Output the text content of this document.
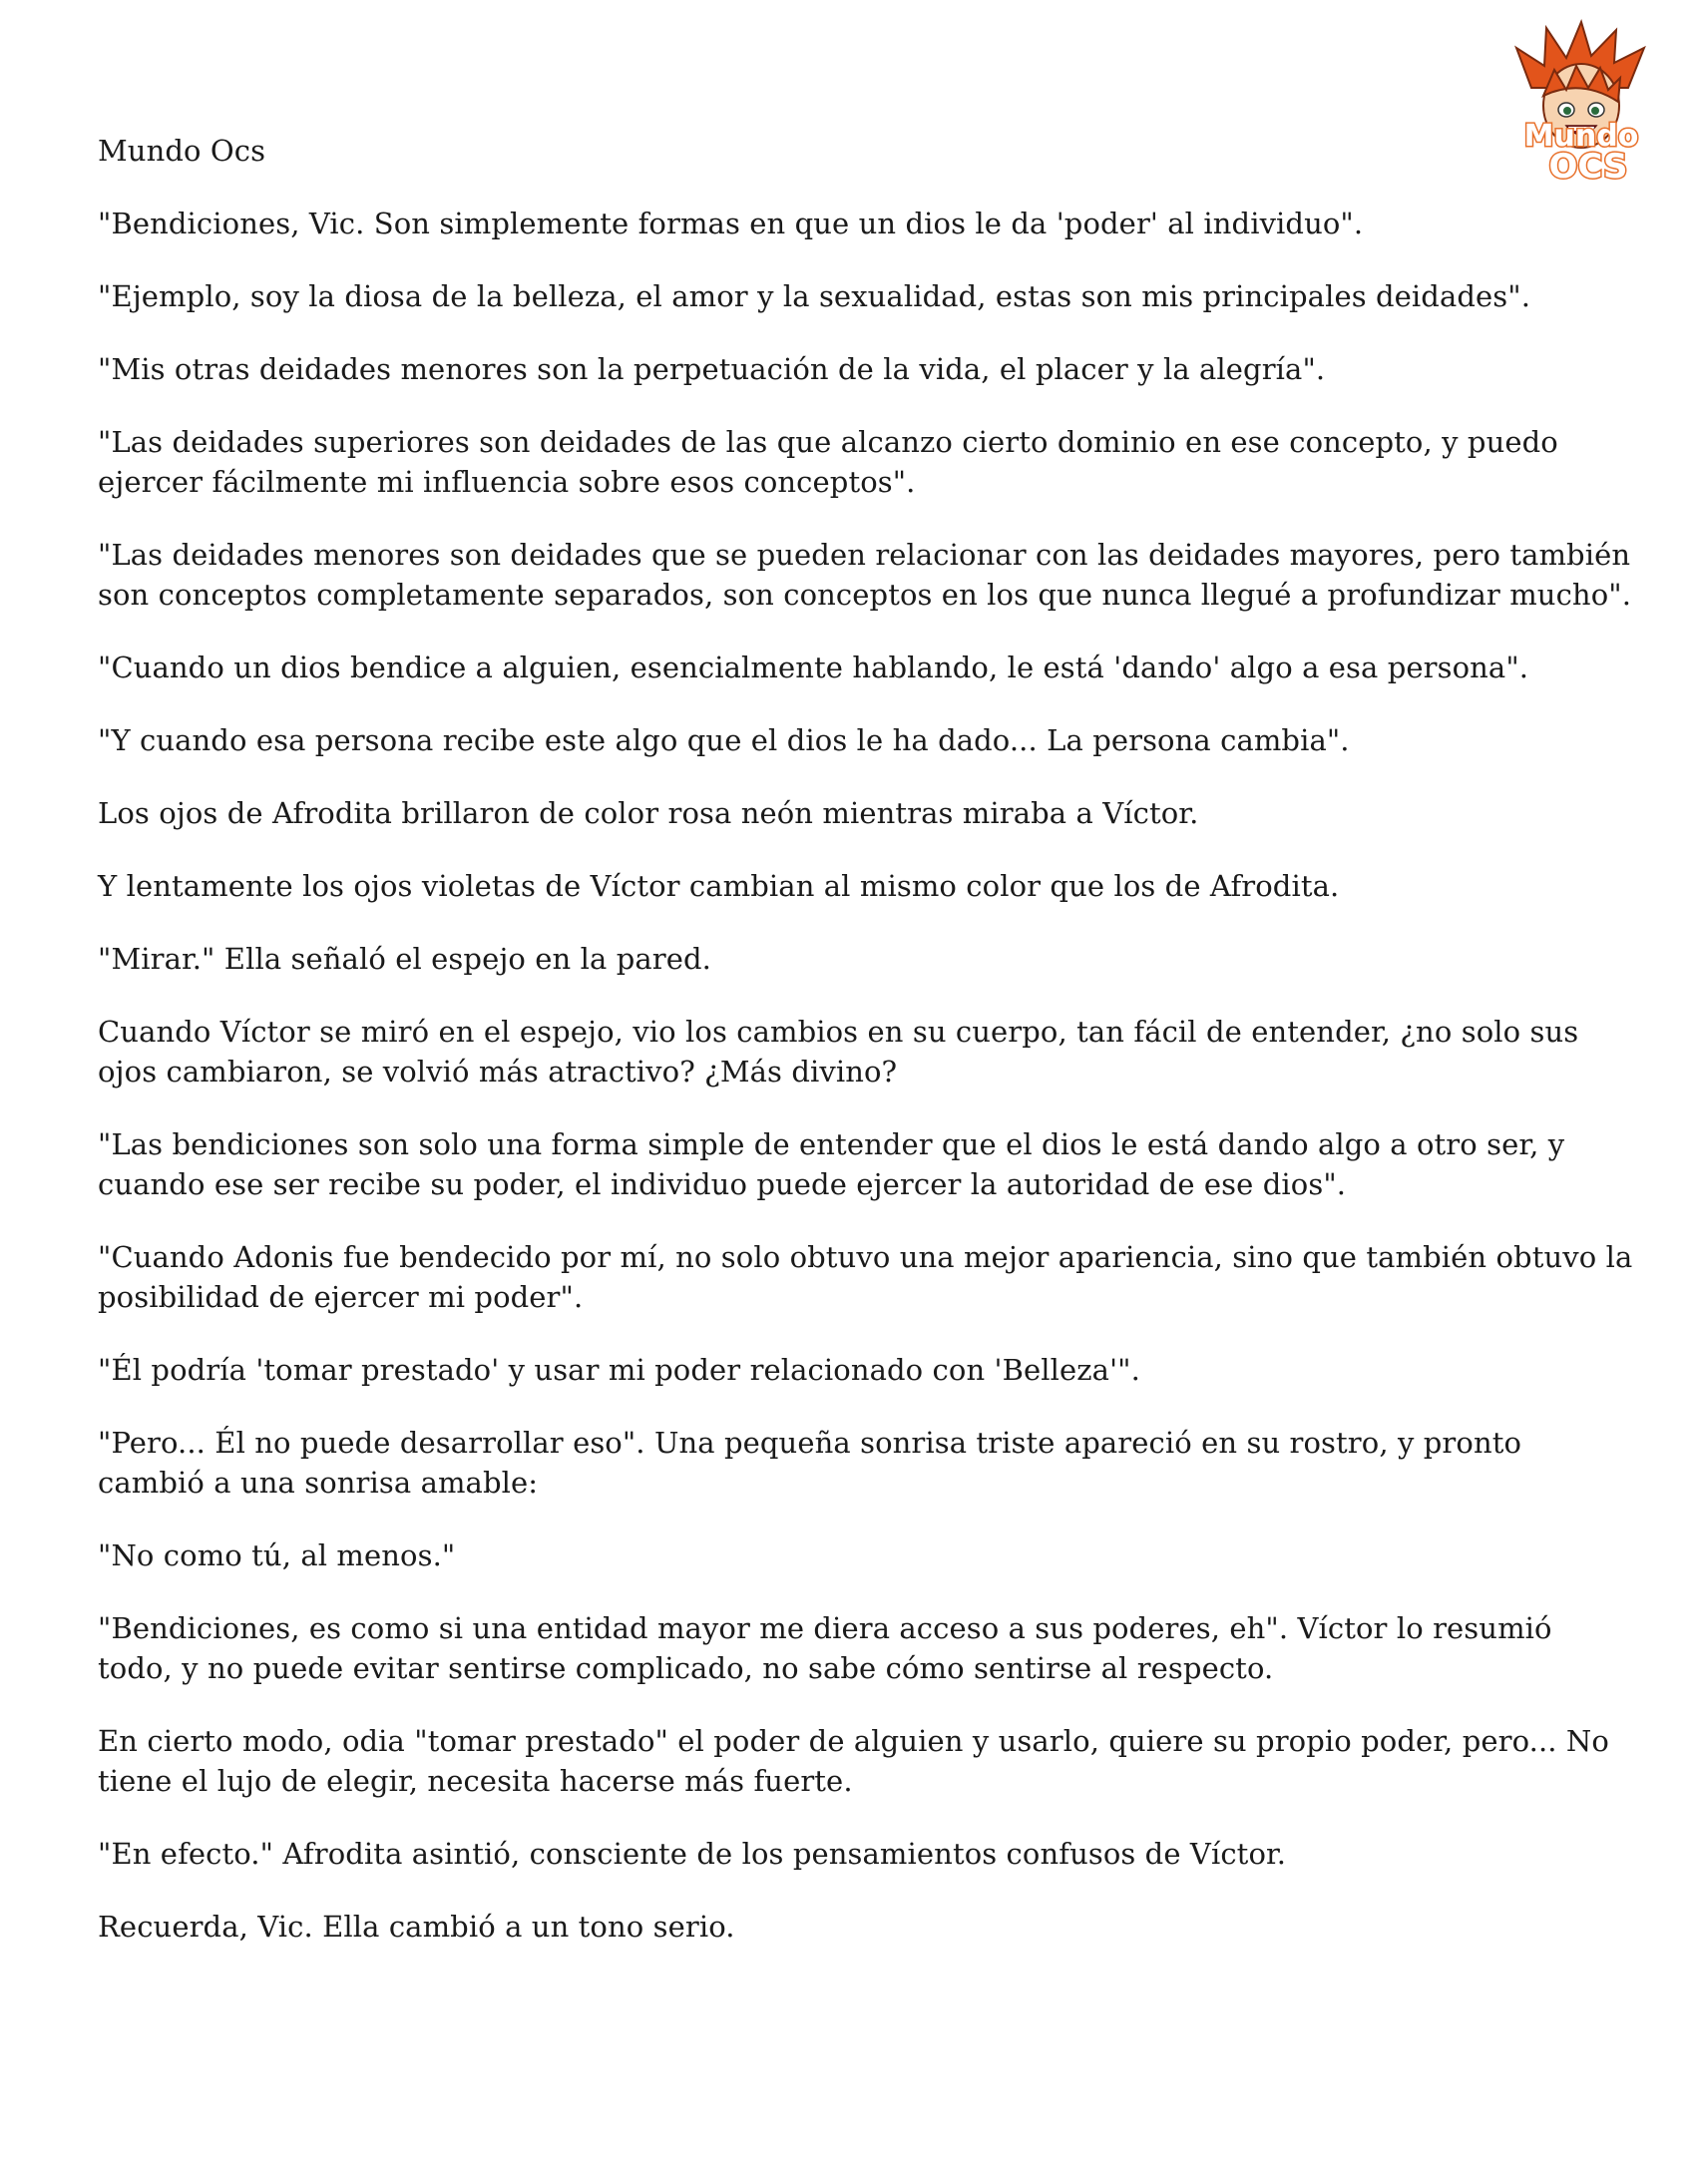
Mundo
OCS

Mundo Ocs

"Bendiciones, Vic. Son simplemente formas en que un dios le da 'poder' al individuo".

"Ejemplo, soy la diosa de la belleza, el amor y la sexualidad, estas son mis principales deidades".

"Mis otras deidades menores son la perpetuación de la vida, el placer y la alegría".

"Las deidades superiores son deidades de las que alcanzo cierto dominio en ese concepto, y puedo ejercer fácilmente mi influencia sobre esos conceptos".

"Las deidades menores son deidades que se pueden relacionar con las deidades mayores, pero también son conceptos completamente separados, son conceptos en los que nunca llegué a profundizar mucho".

"Cuando un dios bendice a alguien, esencialmente hablando, le está 'dando' algo a esa persona".

"Y cuando esa persona recibe este algo que el dios le ha dado... La persona cambia".

Los ojos de Afrodita brillaron de color rosa neón mientras miraba a Víctor.

Y lentamente los ojos violetas de Víctor cambian al mismo color que los de Afrodita.

"Mirar." Ella señaló el espejo en la pared.

Cuando Víctor se miró en el espejo, vio los cambios en su cuerpo, tan fácil de entender, ¿no solo sus ojos cambiaron, se volvió más atractivo? ¿Más divino?

"Las bendiciones son solo una forma simple de entender que el dios le está dando algo a otro ser, y cuando ese ser recibe su poder, el individuo puede ejercer la autoridad de ese dios".

"Cuando Adonis fue bendecido por mí, no solo obtuvo una mejor apariencia, sino que también obtuvo la posibilidad de ejercer mi poder".

"Él podría 'tomar prestado' y usar mi poder relacionado con 'Belleza'".

"Pero... Él no puede desarrollar eso". Una pequeña sonrisa triste apareció en su rostro, y pronto cambió a una sonrisa amable:

"No como tú, al menos."

"Bendiciones, es como si una entidad mayor me diera acceso a sus poderes, eh". Víctor lo resumió todo, y no puede evitar sentirse complicado, no sabe cómo sentirse al respecto.

En cierto modo, odia "tomar prestado" el poder de alguien y usarlo, quiere su propio poder, pero... No tiene el lujo de elegir, necesita hacerse más fuerte.

"En efecto." Afrodita asintió, consciente de los pensamientos confusos de Víctor.

Recuerda, Vic. Ella cambió a un tono serio.
